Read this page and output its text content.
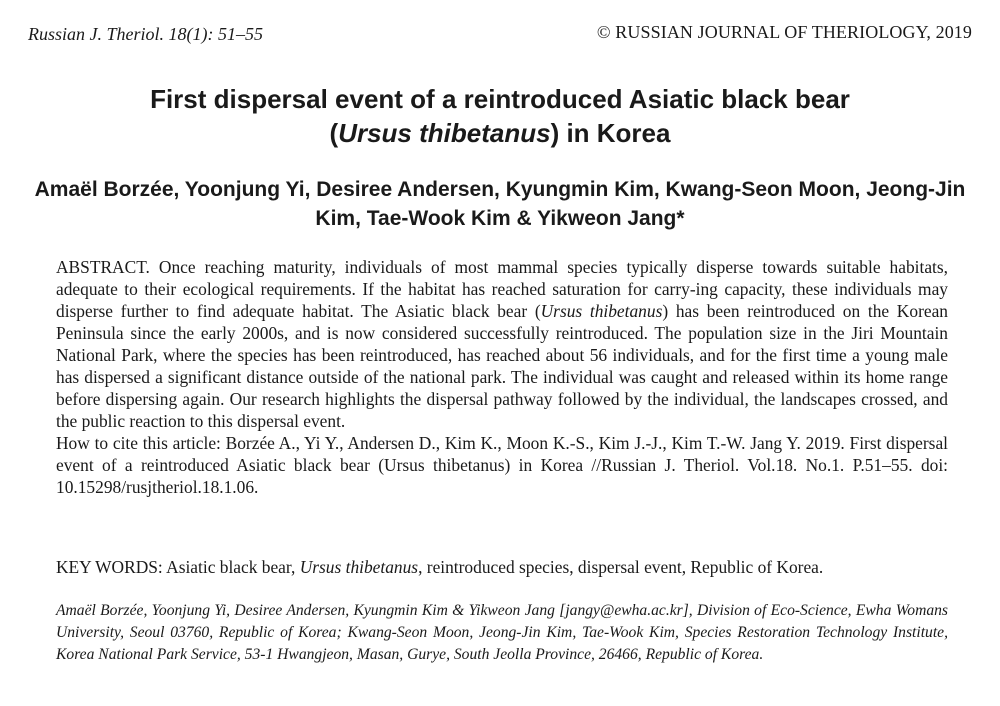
Russian J. Theriol. 18(1): 51–55	© RUSSIAN JOURNAL OF THERIOLOGY, 2019
First dispersal event of a reintroduced Asiatic black bear
(Ursus thibetanus) in Korea
Amaël Borzée, Yoonjung Yi, Desiree Andersen, Kyungmin Kim, Kwang-Seon Moon, Jeong-Jin Kim, Tae-Wook Kim & Yikweon Jang*

ABSTRACT. Once reaching maturity, individuals of most mammal species typically disperse towards suitable habitats, adequate to their ecological requirements. If the habitat has reached saturation for carry-ing capacity, these individuals may disperse further to find adequate habitat. The Asiatic black bear (Ursus thibetanus) has been reintroduced on the Korean Peninsula since the early 2000s, and is now considered successfully reintroduced. The population size in the Jiri Mountain National Park, where the species has been reintroduced, has reached about 56 individuals, and for the first time a young male has dispersed a significant distance outside of the national park. The individual was caught and released within its home range before dispersing again. Our research highlights the dispersal pathway followed by the individual, the landscapes crossed, and the public reaction to this dispersal event.

How to cite this article: Borzée A., Yi Y., Andersen D., Kim K., Moon K.-S., Kim J.-J., Kim T.-W. Jang Y. 2019. First dispersal event of a reintroduced Asiatic black bear (Ursus thibetanus) in Korea //Russian J. Theriol. Vol.18. No.1. P.51–55. doi: 10.15298/rusjtheriol.18.1.06.

KEY WORDS: Asiatic black bear, Ursus thibetanus, reintroduced species, dispersal event, Republic of Korea.

Amaël Borzée, Yoonjung Yi, Desiree Andersen, Kyungmin Kim & Yikweon Jang [jangy@ewha.ac.kr], Division of Eco-Science, Ewha Womans University, Seoul 03760, Republic of Korea; Kwang-Seon Moon, Jeong-Jin Kim, Tae-Wook Kim, Species Restoration Technology Institute, Korea National Park Service, 53-1 Hwangjeon, Masan, Gurye, South Jeolla Province, 26466, Republic of Korea.
